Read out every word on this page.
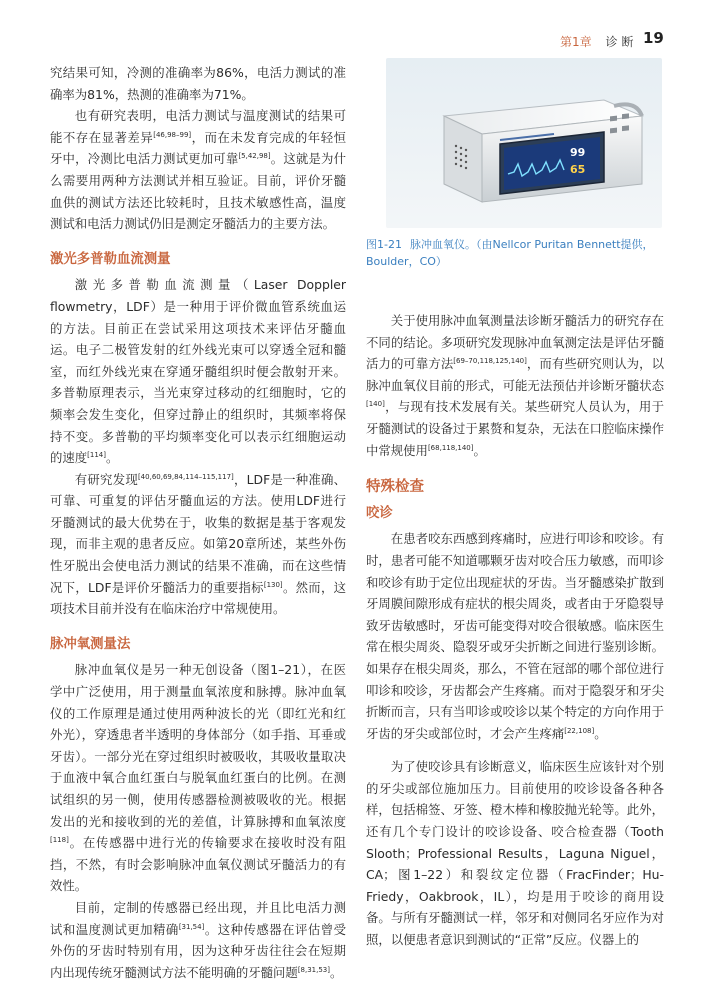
第1章 诊断 19

究结果可知，冷测的准确率为86%，电活力测试的准确率为81%，热测的准确率为71%。

也有研究表明，电活力测试与温度测试的结果可能不存在显著差异[46,98–99]，而在未发育完成的年轻恒牙中，冷测比电活力测试更加可靠[5,42,98]。这就是为什么需要用两种方法测试并相互验证。目前，评价牙髓血供的测试方法还比较耗时，且技术敏感性高，温度测试和电活力测试仍旧是测定牙髓活力的主要方法。

激光多普勒血流测量

激光多普勒血流测量（Laser Doppler flowmetry，LDF）是一种用于评价微血管系统血运的方法。目前正在尝试采用这项技术来评估牙髓血运。电子二极管发射的红外线光束可以穿透全冠和髓室，而红外线光束在穿通牙髓组织时便会散射开来。多普勒原理表示，当光束穿过移动的红细胞时，它的频率会发生变化，但穿过静止的组织时，其频率将保持不变。多普勒的平均频率变化可以表示红细胞运动的速度[114]。

有研究发现[40,60,69,84,114–115,117]，LDF是一种准确、可靠、可重复的评估牙髓血运的方法。使用LDF进行牙髓测试的最大优势在于，收集的数据是基于客观发现，而非主观的患者反应。如第20章所述，某些外伤性牙脱出会使电活力测试的结果不准确，而在这些情况下，LDF是评价牙髓活力的重要指标[130]。然而，这项技术目前并没有在临床治疗中常规使用。

脉冲氧测量法

脉冲血氧仪是另一种无创设备（图1–21），在医学中广泛使用，用于测量血氧浓度和脉搏。脉冲血氧仪的工作原理是通过使用两种波长的光（即红光和红外光），穿透患者半透明的身体部分（如手指、耳垂或牙齿）。一部分光在穿过组织时被吸收，其吸收量取决于血液中氧合血红蛋白与脱氧血红蛋白的比例。在测试组织的另一侧，使用传感器检测被吸收的光。根据发出的光和接收到的光的差值，计算脉搏和血氧浓度[118]。在传感器中进行光的传输要求在接收时没有阻挡，不然，有时会影响脉冲血氧仪测试牙髓活力的有效性。

目前，定制的传感器已经出现，并且比电活力测试和温度测试更加精确[31,54]。这种传感器在评估曾受外伤的牙齿时特别有用，因为这种牙齿往往会在短期内出现传统牙髓测试方法不能明确的牙髓问题[8,31,53]。

99
65
图1-21 脉冲血氧仪。（由Nellcor Puritan Bennett提供，Boulder，CO）

关于使用脉冲血氧测量法诊断牙髓活力的研究存在不同的结论。多项研究发现脉冲血氧测定法是评估牙髓活力的可靠方法[69–70,118,125,140]，而有些研究则认为，以脉冲血氧仪目前的形式，可能无法预估并诊断牙髓状态[140]，与现有技术发展有关。某些研究人员认为，用于牙髓测试的设备过于累赘和复杂，无法在口腔临床操作中常规使用[68,118,140]。

特殊检查
咬诊

在患者咬东西感到疼痛时，应进行叩诊和咬诊。有时，患者可能不知道哪颗牙齿对咬合压力敏感，而叩诊和咬诊有助于定位出现症状的牙齿。当牙髓感染扩散到牙周膜间隙形成有症状的根尖周炎，或者由于牙隐裂导致牙齿敏感时，牙齿可能变得对咬合很敏感。临床医生常在根尖周炎、隐裂牙或牙尖折断之间进行鉴别诊断。如果存在根尖周炎，那么，不管在冠部的哪个部位进行叩诊和咬诊，牙齿都会产生疼痛。而对于隐裂牙和牙尖折断而言，只有当叩诊或咬诊以某个特定的方向作用于牙齿的牙尖或部位时，才会产生疼痛[22,108]。

为了使咬诊具有诊断意义，临床医生应该针对个别的牙尖或部位施加压力。目前使用的咬诊设备各种各样，包括棉签、牙签、橙木棒和橡胶抛光轮等。此外，还有几个专门设计的咬诊设备、咬合检查器（Tooth Slooth；Professional Results，Laguna Niguel，CA；图1–22）和裂纹定位器（FracFinder；Hu-Friedy，Oakbrook，IL），均是用于咬诊的商用设备。与所有牙髓测试一样，邻牙和对侧同名牙应作为对照，以便患者意识到测试的“正常”反应。仪器上的
